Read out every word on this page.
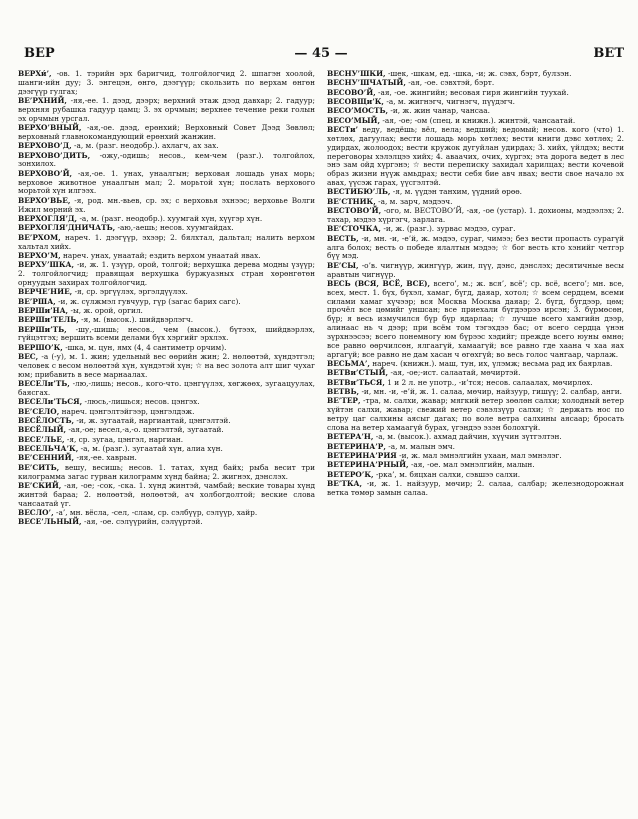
ВЕР	— 45 —	ВЕТ

ВЕРХи́’, -ов. 1. тэрийн эрх баригчид, толгойлогчид 2. шпагэн хоолой, шанги-ийн дуу; 3. энгецэн, өнгө, дээгүүр; скользить по верхам өнгөн дээгүүр гулгах;

ВЕ’РХНИЙ, -яя,-ее. 1. дээд, дээрх; верхний этаж дээд давхар; 2. гадуур; верхняя рубашка гадуур цамц; 3. эх орчмын; верхнее течение реки голын эх орчмын урсгал.

ВЕРХО’ВНЫЙ, -ая,-ое. дээд, ерөнхий; Верховный Совет Дээд Зөвлөл; верховный главнокомандующий ерөнхий жанжин.

ВЕРХОВО’Д, -а, м. (разг. неодобр.). ахлагч, ах зах.

ВЕРХОВО’ДИТЬ, -ожу,-одишь; несов., кем-чем (разг.). толгойлох, зонхилох.

ВЕРХОВО’Й, -ая,-ое. 1. унах, унаалгын; верховая лошадь унах морь; верховое животное унаалгын мал; 2. морьтой хүн; послать верхового морьтой хүн илгээх.

ВЕРХО’ВЬЕ, -я, род. мн.-вьев, ср. эх; с верховья эхнээс; верховье Волги Ижил мөрний эх.

ВЕРХОГЛЯ’Д, -а, м. (разг. неодобр.). хуумгай хүн, хүүгэр хүн.

ВЕРХОГЛЯ’ДНИЧАТЬ, -аю,-аешь; несов. хуумгайдах.

ВЕ’РХОМ, нареч. 1. дээгүүр, эхээр; 2. бялхтал, дальтал; налить верхом хальтал хийх.

ВЕРХО’М, нареч. унах, унаатай; ездить верхом унаатай явах.

ВЕРХУ’ШКА, -и, ж. 1. үзүүр, орой, толгой; верхушка дерева модны үзүүр; 2. толгойлогчид; правящая верхушка буржуазных стран хөрөнгөтөн орнуудын захирах толгойлогчид.

ВЕРЧЕ’НИЕ, -я, ср. эргүүлэх, эргэлдүүлэх.

ВЕ’РША, -и, ж. сүлжмэл гувчуур, гүр (загас барих сагс).

ВЕРШи’НА, -ы, ж. орой, оргил.

ВЕРШи’ТЕЛЬ, -я, м. (высок.). шийдвэрлэгч.

ВЕРШи’ТЬ, -шу,-шишь; несов., чем (высок.). бүтээх, шийдвэрлэх, гүйцэтгэх; вершить всеми делами бүх хэргийг эрхлэх.

ВЕРШО’К, -шка, м. цун, ямх (4, 4 сантиметр орчим).

ВЕС, -а (-у), м. 1. жин; удельный вес өөрийн жин; 2. нөлөөтэй, хүндэтгэл; человек с весом нөлөөтэй хүн, хүндэтэй хүн; ☆ на вес золота алт шиг чухаг юм; прибавить в весе марнаалах.

ВЕСЕЛи’ТЬ, -лю,-лишь; несов., кого-что. цэнгүүлэх, хөгжөөх, зугаацуулах, баясгах.

ВЕСЕЛи’ТЬСЯ, -люсь,-лишься; несов. цэнгэх.

ВЕ’СЕЛО, нареч. цэнгэлтэйгээр, цэнгэлдэж.

ВЕСЁЛОСТЬ, -и, ж. зугаатай, наргиантай, цэнгэлтэй.

ВЕСЁЛЫЙ, -ая,-ое; весел,-а,-о. цэнгэлтэй, зугаатай.

ВЕСЕ’ЛЬЕ, -я, ср. зугаа, цэнгэл, наргиан.

ВЕСЕЛЬЧА’К, -а, м. (разг.). зугаатай хүн, алиа хүн.

ВЕ’СЕННИЙ, -яя,-ее. хаврын.

ВЕ’СИТЬ, вешу, весишь; несов. 1. татах, хүнд байх; рыба весит три килограмма загас гурван килограмм хүнд байна; 2. жигнэх, дэнслэх.

ВЕ’СКИЙ, -ая, -ое; -сок, -ска. 1. хүнд жинтэй, чамбай; веские товары хүнд жинтэй бараа; 2. нөлөөтэй, нөлөөтэй, ач холбогдолтой; веские слова чансаатай үг.

ВЕСЛО’, -а’, мн. вёсла, -сел, -слам, ср. сэлбүүр, сэлүүр, хайр.

ВЕСЕ’ЛЬНЫЙ, -ая, -ое. сэлүүрийн, сэлүүртэй.

ВЕСНУ’ШКИ, -шек, -шкам, ед. -шка, -и; ж. сэвх, бэрт, булзэн.

ВЕСНУ’ШЧАТЫЙ, -ая, -ое. сэвхтэй, бэрт.

ВЕСОВО’Й, -ая, -ое. жингийн; весовая гиря жингийн туухай.

ВЕСОВЩи’К, -а, м. жигнэгч, чигнэгч, пүүдэгч.

ВЕСО’МОСТЬ, -и, ж. жин чанар, чансаа.

ВЕСО’МЫЙ, -ая, -ое; -ом (спец. и книжн.). жинтэй, чансаатай.

ВЕСТи’ веду, ведёшь; вёл, вела; ведший; ведомый; несов. кого (что) 1. хөтлөх, дагуулах; вести лошадь морь хөтлөх; вести книги дэвс хөтлөх; 2. удирдах, жолоодох; вести кружок дугуйлан удирдах; 3. хийх, үйлдэх; вести переговоры хэлэлцээ хийх; 4. аваачих, очих, хүргэх; эта дорога ведет в лес энэ зам ойд хүргэнэ; ☆ вести переписку захидал харилцах; вести кочевой образ жизни нүүж амьдрах; вести себя бие авч явах; вести свое начало эх авах, үүсэж гарах, үүсгэлтэй.

ВЕСТИБЮ’ЛЬ, -я, м. үүдэн танхим, үүдний өрөө.

ВЕ’СТНИК, -а, м. зарч, мэдээч.

ВЕСТОВО’Й, -ого, м. ВЕСТОВО’Й, -ая, -ое (устар). 1. дохионы, мэдээлэх; 2. тахар, мэдээ хүргэгч, зарлага.

ВЕ’СТОЧКА, -и, ж. (разг.). зурвас мэдээ, сураг.

ВЕСТЬ, -и, мн. -и, -е’й, ж. мэдээ, сураг, чимээ; без вести пропасть сурагүй алга болох; весть о победе ялалтын мэдээ; ☆ бог весть кто хэнийг четгэр бүү мэд.

ВЕ’СЫ, -о’в. чигнүүр, жингүүр, жин, пүү, дэнс, дэнслэх; десятичные весы аравтын чигнүүр.

ВЕСЬ (ВСЯ, ВСЁ, ВСЕ), всего’, м.; ж. вся’, всё’; ср. всё, всего’; мн. все, всех, мест. 1. бүх, бүхэл, хамаг, бүгд, даяар, хотол; ☆ всем сердцем, всеми силами хамаг хүчээр; вся Москва Москва даяар; 2. бүгд, бүгдээр, цөм; прочёл все цөмийг уншсан; все приехали бүгдээрээ ирсэн; 3. бүрмөсөн, бүр; я весь измучился бүр бүр ядарлаа; ☆ лучше всего хамгийн дээр, алинаас нь ч дээр; при всём том тэгэхдээ бас; от всего сердца үнэн зүрхнээсээ; всего понемногу юм бүрээс хэдийг; прежде всего юуны өмнө; все равно өөрчилсөн, ялгаагүй, хамаагүй; все равно где хаана ч хаа яах аргагүй; все равно не дам хасан ч өгөхгүй; во весь голос чангаар, чарлаж.

ВЕСЬМА’, нареч. (книжн.). маш, тун, их, үлэмж; весьма рад их баярлав.

ВЕТВи’СТЫЙ, -ая, -ое;-ист. салаатай, мөчиртэй.

ВЕТВи’ТЬСЯ, 1 и 2 л. не употр., -и’тся; несов. салаалах, мөчирлөх.

ВЕТВЬ, -и, мн. -и, -е’й, ж. 1. салаа, мөчир, найзуур, гишүү; 2. салбар, анги.

ВЕ’ТЕР, -тра, м. салхи, жавар; мягкий ветер зөөлөн салхи; холодный ветер хүйтэн салхи, жавар; свежий ветер сэвэлзүүр салхи; ☆ держать нос по ветру цаг салхины аясыг дагах; по воле ветра салхины аясаар; бросать слова на ветер хамаагүй бурах, үгэндээ эзэн болохгүй.

ВЕТЕРА’Н, -а, м. (высок.). ахмад дайчин, хүүчин зүтгэлтэн.

ВЕТЕРИНА’Р, -а, м. малын эмч.

ВЕТЕРИНА’РИЯ -и, ж. мал эмнэлгийн ухаан, мал эмнэлэг.

ВЕТЕРИНА’РНЫЙ, -ая, -ое. мал эмнэлгийн, малын.

ВЕТЕРО’К, -рка’, м. бяцхан салхи, сэвшээ салхи.

ВЕ’ТКА, -и, ж. 1. найзуур, мөчир; 2. салаа, салбар; железнодорожная ветка төмөр замын салаа.
